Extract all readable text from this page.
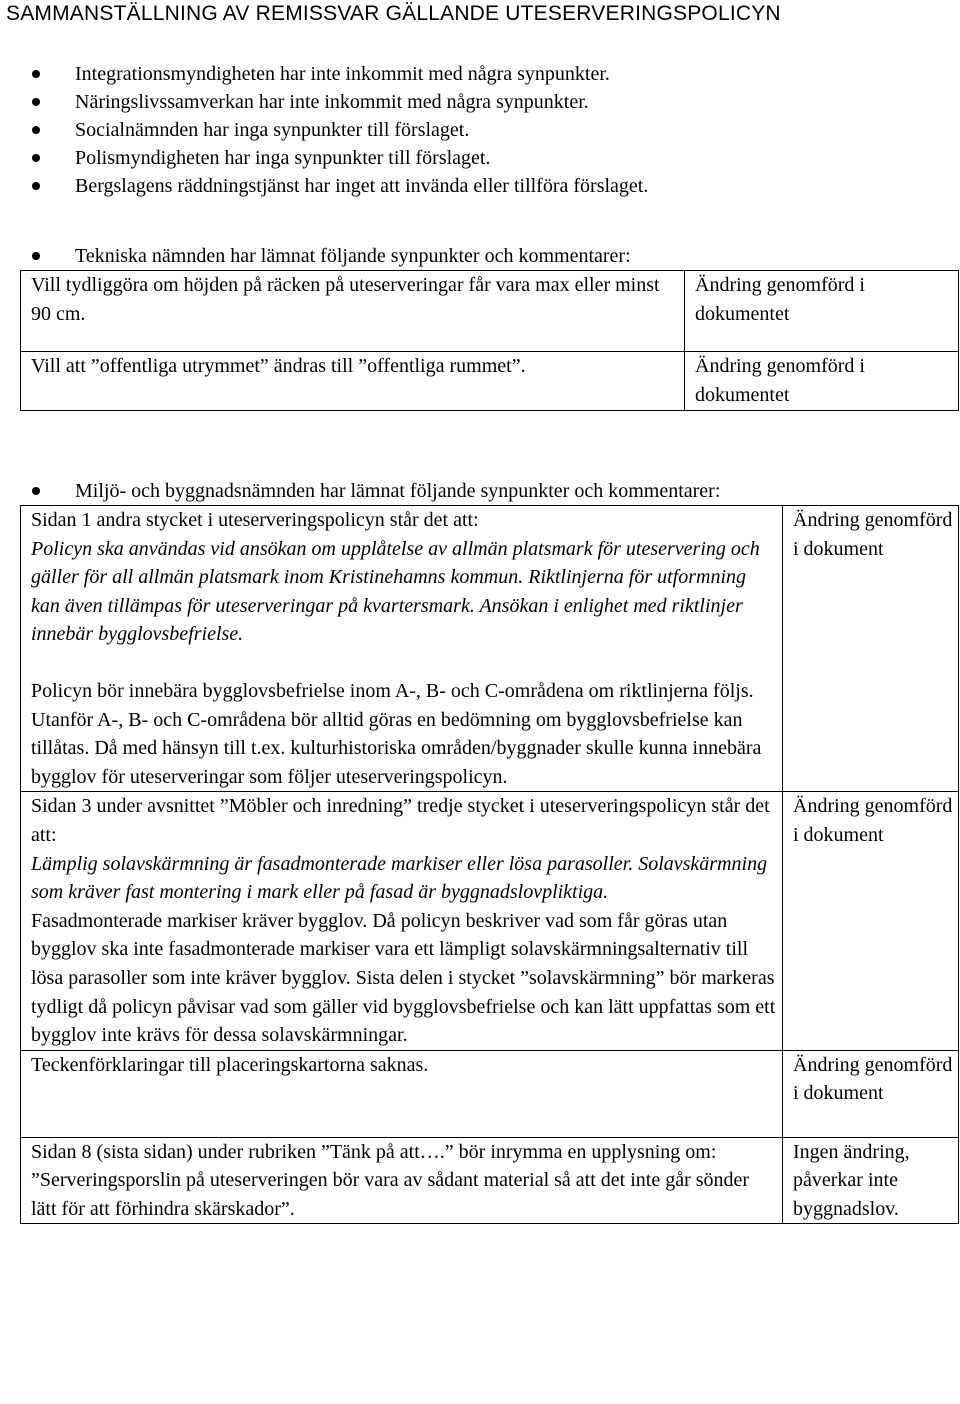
SAMMANSTÄLLNING AV REMISSVAR GÄLLANDE UTESERVERINGSPOLICYN
Integrationsmyndigheten har inte inkommit med några synpunkter.
Näringslivssamverkan har inte inkommit med några synpunkter.
Socialnämnden har inga synpunkter till förslaget.
Polismyndigheten har inga synpunkter till förslaget.
Bergslagens räddningstjänst har inget att invända eller tillföra förslaget.
Tekniska nämnden har lämnat följande synpunkter och kommentarer:
Vill tydliggöra om höjden på räcken på uteserveringar får vara max eller minst 90 cm.	Ändring genomförd i dokumentet
Vill att ”offentliga utrymmet” ändras till ”offentliga rummet”.	Ändring genomförd i dokumentet
Miljö- och byggnadsnämnden har lämnat följande synpunkter och kommentarer:
Sidan 1 andra stycket i uteserveringspolicyn står det att:
Policyn ska användas vid ansökan om upplåtelse av allmän platsmark för uteservering och gäller för all allmän platsmark inom Kristinehamns kommun. Riktlinjerna för utformning kan även tillämpas för uteserveringar på kvartersmark. Ansökan i enlighet med riktlinjer innebär bygglovsbefrielse.
Policyn bör innebära bygglovsbefrielse inom A-, B- och C-områdena om riktlinjerna följs. Utanför A-, B- och C-områdena bör alltid göras en bedömning om bygglovsbefrielse kan tillåtas. Då med hänsyn till t.ex. kulturhistoriska områden/byggnader skulle kunna innebära bygglov för uteserveringar som följer uteserveringspolicyn.	Ändring genomförd i dokument

Sidan 3 under avsnittet ”Möbler och inredning” tredje stycket i uteserveringspolicyn står det att:
Lämplig solavskärmning är fasadmonterade markiser eller lösa parasoller. Solavskärmning som kräver fast montering i mark eller på fasad är byggnadslovpliktiga.
Fasadmonterade markiser kräver bygglov. Då policyn beskriver vad som får göras utan bygglov ska inte fasadmonterade markiser vara ett lämpligt solavskärmningsalternativ till lösa parasoller som inte kräver bygglov. Sista delen i stycket ”solavskärmning” bör markeras tydligt då policyn påvisar vad som gäller vid bygglovsbefrielse och kan lätt uppfattas som ett bygglov inte krävs för dessa solavskärmningar.	Ändring genomförd i dokument
Teckenförklaringar till placeringskartorna saknas.	Ändring genomförd i dokument

Sidan 8 (sista sidan) under rubriken ”Tänk på att….” bör inrymma en upplysning om:
”Serveringsporslin på uteserveringen bör vara av sådant material så att det inte går sönder lätt för att förhindra skärskador”.	Ingen ändring, påverkar inte byggnadslov.
